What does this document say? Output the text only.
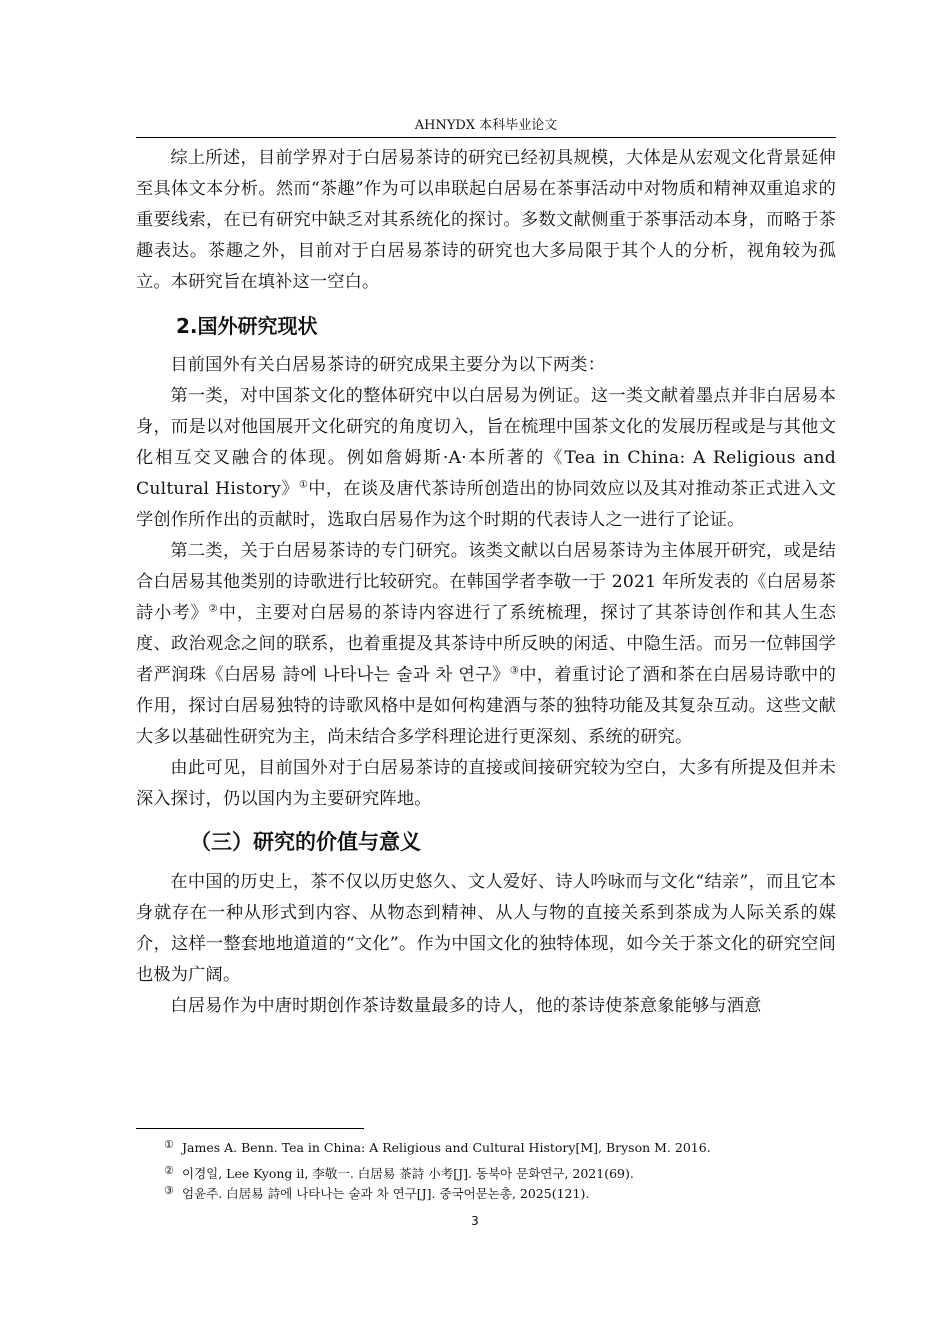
AHNYDX 本科毕业论文

综上所述，目前学界对于白居易茶诗的研究已经初具规模，大体是从宏观文化背景延伸至具体文本分析。然而“茶趣”作为可以串联起白居易在茶事活动中对物质和精神双重追求的重要线索，在已有研究中缺乏对其系统化的探讨。多数文献侧重于茶事活动本身，而略于茶趣表达。茶趣之外，目前对于白居易茶诗的研究也大多局限于其个人的分析，视角较为孤立。本研究旨在填补这一空白。

2.国外研究现状

目前国外有关白居易茶诗的研究成果主要分为以下两类：

第一类，对中国茶文化的整体研究中以白居易为例证。这一类文献着墨点并非白居易本身，而是以对他国展开文化研究的角度切入，旨在梳理中国茶文化的发展历程或是与其他文化相互交叉融合的体现。例如詹姆斯·A·本所著的《Tea in China: A Religious and Cultural History》①中，在谈及唐代茶诗所创造出的协同效应以及其对推动茶正式进入文学创作所作出的贡献时，选取白居易作为这个时期的代表诗人之一进行了论证。

第二类，关于白居易茶诗的专门研究。该类文献以白居易茶诗为主体展开研究，或是结合白居易其他类别的诗歌进行比较研究。在韩国学者李敬一于 2021 年所发表的《白居易茶詩小考》②中，主要对白居易的茶诗内容进行了系统梳理，探讨了其茶诗创作和其人生态度、政治观念之间的联系，也着重提及其茶诗中所反映的闲适、中隐生活。而另一位韩国学者严润珠《白居易 詩에 나타나는 술과 차 연구》③中，着重讨论了酒和茶在白居易诗歌中的作用，探讨白居易独特的诗歌风格中是如何构建酒与茶的独特功能及其复杂互动。这些文献大多以基础性研究为主，尚未结合多学科理论进行更深刻、系统的研究。

由此可见，目前国外对于白居易茶诗的直接或间接研究较为空白，大多有所提及但并未深入探讨，仍以国内为主要研究阵地。

（三）研究的价值与意义

在中国的历史上，茶不仅以历史悠久、文人爱好、诗人吟咏而与文化“结亲”，而且它本身就存在一种从形式到内容、从物态到精神、从人与物的直接关系到茶成为人际关系的媒介，这样一整套地地道道的“文化”。作为中国文化的独特体现，如今关于茶文化的研究空间也极为广阔。

白居易作为中唐时期创作茶诗数量最多的诗人，他的茶诗使茶意象能够与酒意

① James A. Benn. Tea in China: A Religious and Cultural History[M], Bryson M. 2016.
② 이경일, Lee Kyong il, 李敬一. 白居易 茶詩 小考[J]. 동북아 문화연구, 2021(69).
③ 엄윤주. 白居易 詩에 나타나는 술과 차 연구[J]. 중국어문논총, 2025(121).
3
